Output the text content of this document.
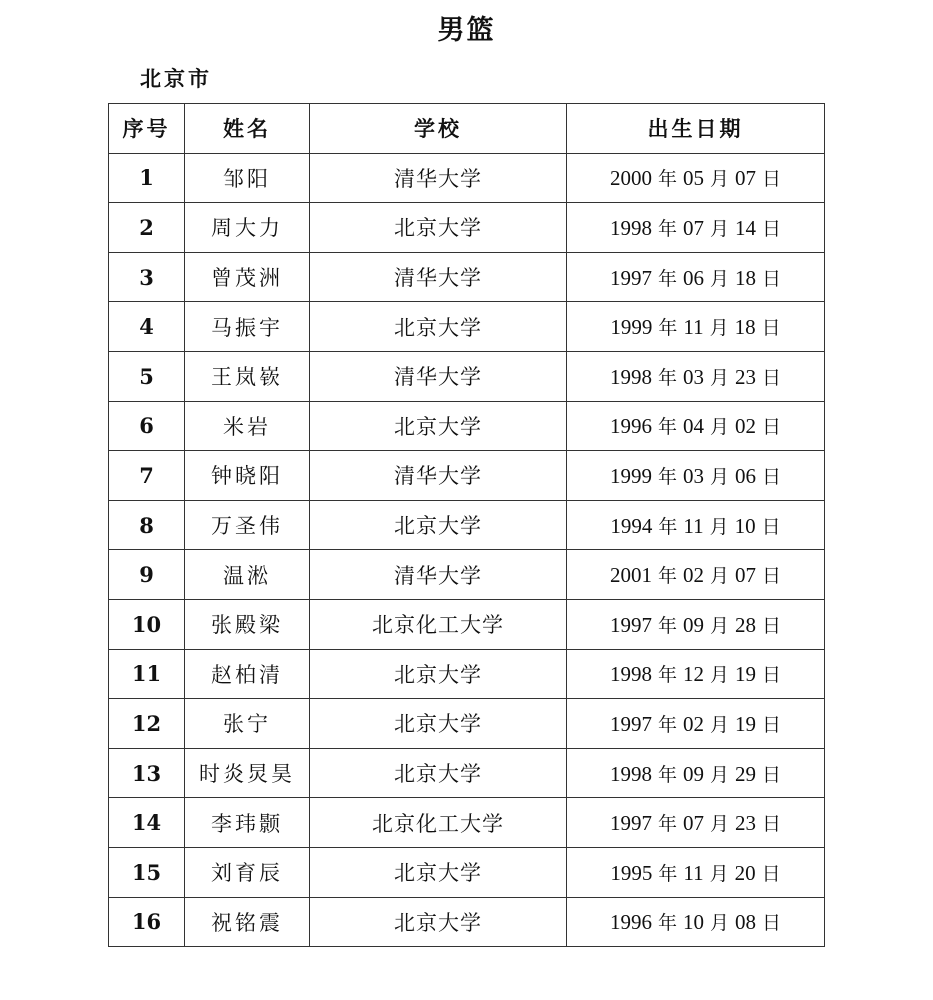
男篮
北京市
序号	姓名	学校	出生日期
1	邹阳	清华大学	2000 年 05 月 07 日
2	周大力	北京大学	1998 年 07 月 14 日
3	曾茂洲	清华大学	1997 年 06 月 18 日
4	马振宇	北京大学	1999 年 11 月 18 日
5	王岚嵚	清华大学	1998 年 03 月 23 日
6	米岩	北京大学	1996 年 04 月 02 日
7	钟晓阳	清华大学	1999 年 03 月 06 日
8	万圣伟	北京大学	1994 年 11 月 10 日
9	温淞	清华大学	2001 年 02 月 07 日
10	张殿梁	北京化工大学	1997 年 09 月 28 日
11	赵柏清	北京大学	1998 年 12 月 19 日
12	张宁	北京大学	1997 年 02 月 19 日
13	时炎炅昊	北京大学	1998 年 09 月 29 日
14	李玮颢	北京化工大学	1997 年 07 月 23 日
15	刘育辰	北京大学	1995 年 11 月 20 日
16	祝铭震	北京大学	1996 年 10 月 08 日
